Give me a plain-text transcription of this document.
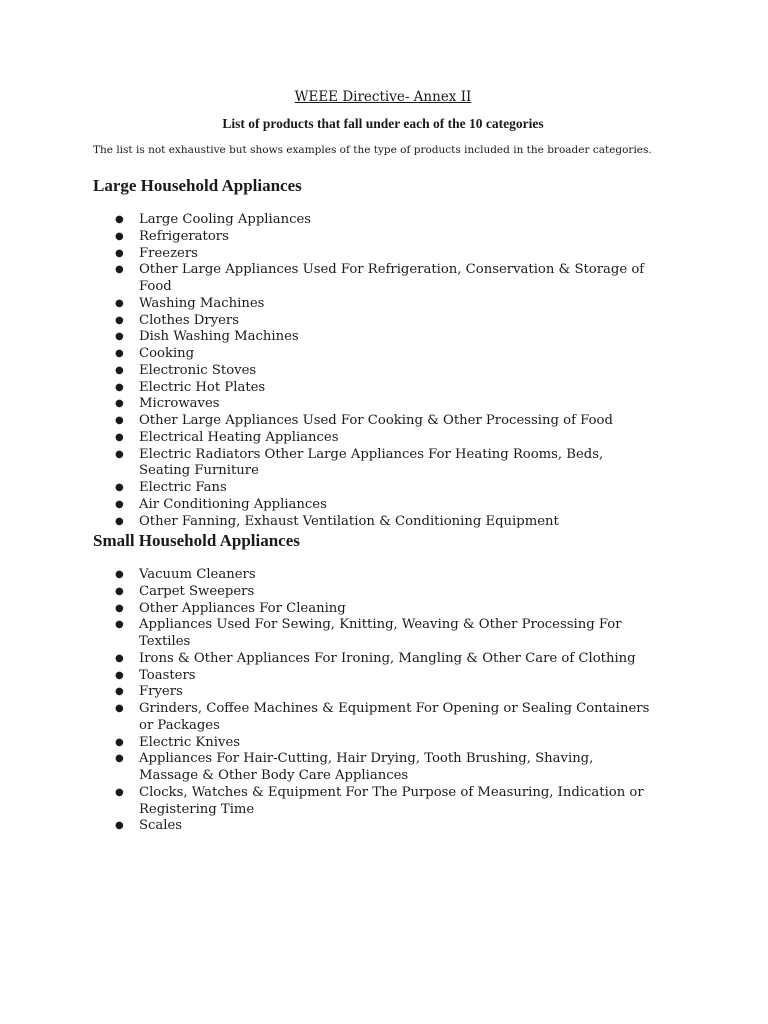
WEEE Directive- Annex II
List of products that fall under each of the 10 categories
The list is not exhaustive but shows examples of the type of products included in the broader categories.
Large Household Appliances
● Large Cooling Appliances
● Refrigerators
● Freezers
● Other Large Appliances Used For Refrigeration, Conservation & Storage of Food
● Washing Machines
● Clothes Dryers
● Dish Washing Machines
● Cooking
● Electronic Stoves
● Electric Hot Plates
● Microwaves
● Other Large Appliances Used For Cooking & Other Processing of Food
● Electrical Heating Appliances
● Electric Radiators Other Large Appliances For Heating Rooms, Beds, Seating Furniture
● Electric Fans
● Air Conditioning Appliances
● Other Fanning, Exhaust Ventilation & Conditioning Equipment
Small Household Appliances
● Vacuum Cleaners
● Carpet Sweepers
● Other Appliances For Cleaning
● Appliances Used For Sewing, Knitting, Weaving & Other Processing For Textiles
● Irons & Other Appliances For Ironing, Mangling & Other Care of Clothing
● Toasters
● Fryers
● Grinders, Coffee Machines & Equipment For Opening or Sealing Containers or Packages
● Electric Knives
● Appliances For Hair-Cutting, Hair Drying, Tooth Brushing, Shaving, Massage & Other Body Care Appliances
● Clocks, Watches & Equipment For The Purpose of Measuring, Indication or Registering Time
● Scales
